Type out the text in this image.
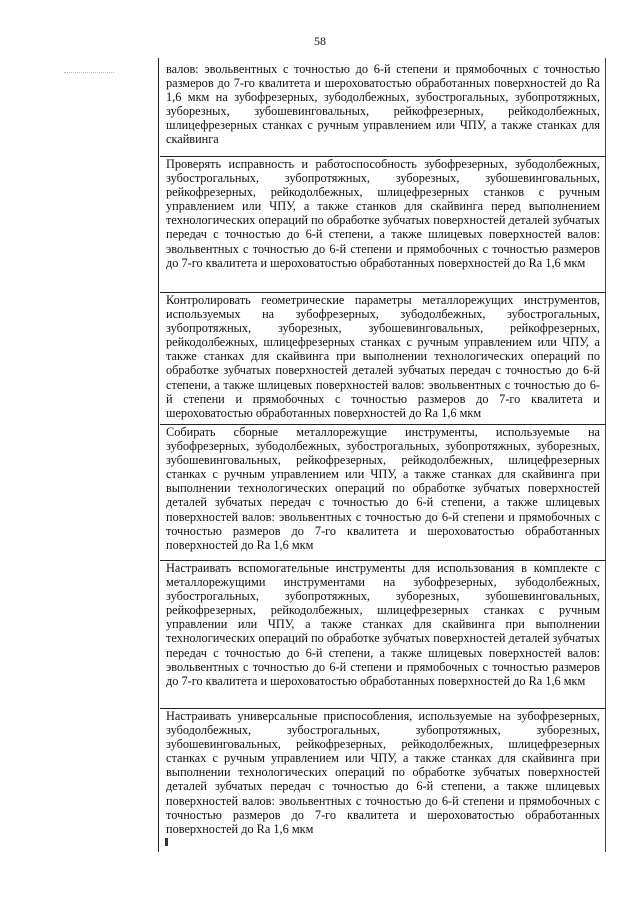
58

валов: эвольвентных с точностью до 6-й степени и прямобочных с точностью размеров до 7-го квалитета и шероховатостью обработанных поверхностей до Ra 1,6 мкм на зубофрезерных, зубодолбежных, зубострогальных, зубопротяжных, зуборезных, зубошевинговальных, рейкофрезерных, рейкодолбежных, шлицефрезерных станках с ручным управлением или ЧПУ, а также станках для скайвинга

Проверять исправность и работоспособность зубофрезерных, зубодолбежных, зубострогальных, зубопротяжных, зуборезных, зубошевинговальных, рейкофрезерных, рейкодолбежных, шлицефрезерных станков с ручным управлением или ЧПУ, а также станков для скайвинга перед выполнением технологических операций по обработке зубчатых поверхностей деталей зубчатых передач с точностью до 6-й степени, а также шлицевых поверхностей валов: эвольвентных с точностью до 6-й степени и прямобочных с точностью размеров до 7-го квалитета и шероховатостью обработанных поверхностей до Ra 1,6 мкм

Контролировать геометрические параметры металлорежущих инструментов, используемых на зубофрезерных, зубодолбежных, зубострогальных, зубопротяжных, зуборезных, зубошевинговальных, рейкофрезерных, рейкодолбежных, шлицефрезерных станках с ручным управлением или ЧПУ, а также станках для скайвинга при выполнении технологических операций по обработке зубчатых поверхностей деталей зубчатых передач с точностью до 6-й степени, а также шлицевых поверхностей валов: эвольвентных с точностью до 6-й степени и прямобочных с точностью размеров до 7-го квалитета и шероховатостью обработанных поверхностей до Ra 1,6 мкм

Собирать сборные металлорежущие инструменты, используемые на зубофрезерных, зубодолбежных, зубострогальных, зубопротяжных, зуборезных, зубошевинговальных, рейкофрезерных, рейкодолбежных, шлицефрезерных станках с ручным управлением или ЧПУ, а также станках для скайвинга при выполнении технологических операций по обработке зубчатых поверхностей деталей зубчатых передач с точностью до 6-й степени, а также шлицевых поверхностей валов: эвольвентных с точностью до 6-й степени и прямобочных с точностью размеров до 7-го квалитета и шероховатостью обработанных поверхностей до Ra 1,6 мкм

Настраивать вспомогательные инструменты для использования в комплекте с металлорежущими инструментами на зубофрезерных, зубодолбежных, зубострогальных, зубопротяжных, зуборезных, зубошевинговальных, рейкофрезерных, рейкодолбежных, шлицефрезерных станках с ручным управлении или ЧПУ, а также станках для скайвинга при выполнении технологических операций по обработке зубчатых поверхностей деталей зубчатых передач с точностью до 6-й степени, а также шлицевых поверхностей валов: эвольвентных с точностью до 6-й степени и прямобочных с точностью размеров до 7-го квалитета и шероховатостью обработанных поверхностей до Ra 1,6 мкм

Настраивать универсальные приспособления, используемые на зубофрезерных, зубодолбежных, зубострогальных, зубопротяжных, зуборезных, зубошевинговальных, рейкофрезерных, рейкодолбежных, шлицефрезерных станках с ручным управлением или ЧПУ, а также станках для скайвинга при выполнении технологических операций по обработке зубчатых поверхностей деталей зубчатых передач с точностью до 6-й степени, а также шлицевых поверхностей валов: эвольвентных с точностью до 6-й степени и прямобочных с точностью размеров до 7-го квалитета и шероховатостью обработанных поверхностей до Ra 1,6 мкм
